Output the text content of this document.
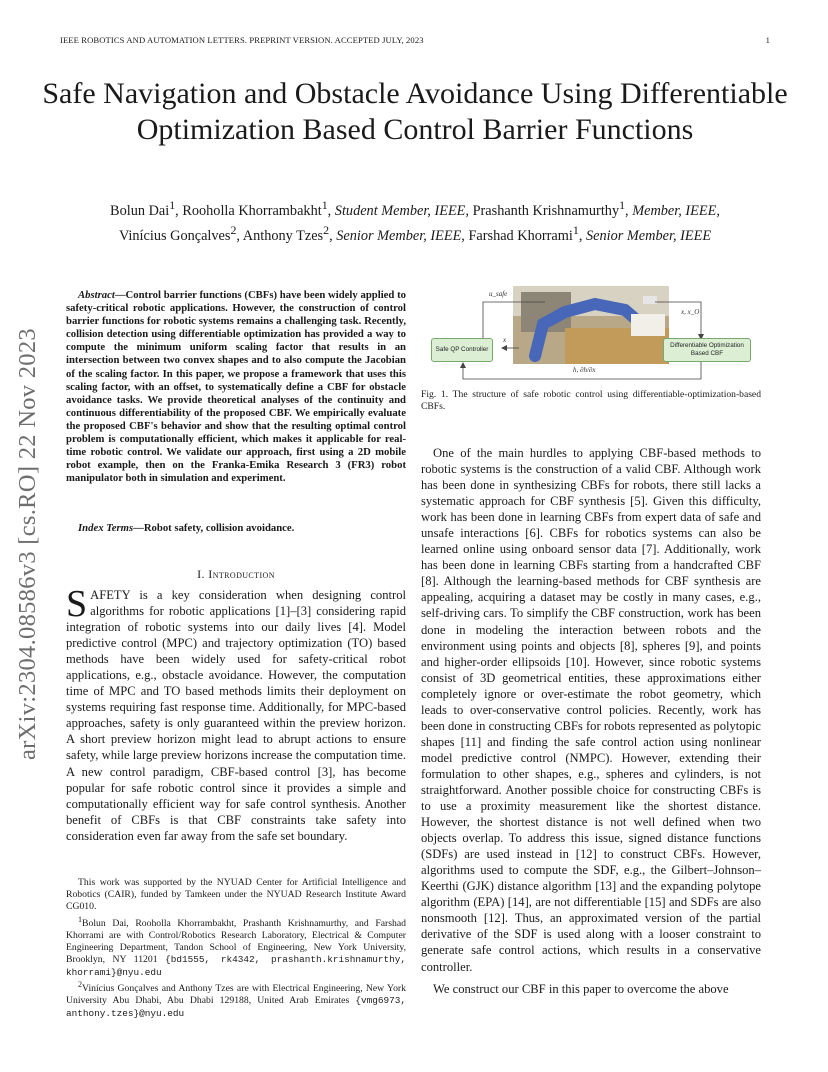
IEEE ROBOTICS AND AUTOMATION LETTERS. PREPRINT VERSION. ACCEPTED JULY, 2023	1
Safe Navigation and Obstacle Avoidance Using Differentiable Optimization Based Control Barrier Functions
Bolun Dai$^1$, Rooholla Khorrambakht$^1$, Student Member, IEEE, Prashanth Krishnamurthy$^1$, Member, IEEE,
Vinícius Gonçalves$^2$, Anthony Tzes$^2$, Senior Member, IEEE, Farshad Khorrami$^1$, Senior Member, IEEE
arXiv:2304.08586v3 [cs.RO] 22 Nov 2023

Abstract—Control barrier functions (CBFs) have been widely applied to safety-critical robotic applications. However, the construction of control barrier functions for robotic systems remains a challenging task. Recently, collision detection using differentiable optimization has provided a way to compute the minimum uniform scaling factor that results in an intersection between two convex shapes and to also compute the Jacobian of the scaling factor. In this paper, we propose a framework that uses this scaling factor, with an offset, to systematically define a CBF for obstacle avoidance tasks. We provide theoretical analyses of the continuity and continuous differentiability of the proposed CBF. We empirically evaluate the proposed CBF's behavior and show that the resulting optimal control problem is computationally efficient, which makes it applicable for real-time robotic control. We validate our approach, first using a 2D mobile robot example, then on the Franka-Emika Research 3 (FR3) robot manipulator both in simulation and experiment.

Index Terms—Robot safety, collision avoidance.

I. Introduction

SAFETY is a key consideration when designing control algorithms for robotic applications [1]–[3] considering rapid integration of robotic systems into our daily lives [4]. Model predictive control (MPC) and trajectory optimization (TO) based methods have been widely used for safety-critical robot applications, e.g., obstacle avoidance. However, the computation time of MPC and TO based methods limits their deployment on systems requiring fast response time. Additionally, for MPC-based approaches, safety is only guaranteed within the preview horizon. A short preview horizon might lead to abrupt actions to ensure safety, while large preview horizons increase the computation time. A new control paradigm, CBF-based control [3], has become popular for safe robotic control since it provides a simple and computationally efficient way for safe control synthesis. Another benefit of CBFs is that CBF constraints take safety into consideration even far away from the safe set boundary.

This work was supported by the NYUAD Center for Artificial Intelligence and Robotics (CAIR), funded by Tamkeen under the NYUAD Research Institute Award CG010.

$^1$Bolun Dai, Rooholla Khorrambakht, Prashanth Krishnamurthy, and Farshad Khorrami are with Control/Robotics Research Laboratory, Electrical & Computer Engineering Department, Tandon School of Engineering, New York University, Brooklyn, NY 11201 {bd1555, rk4342, prashanth.krishnamurthy, khorrami}@nyu.edu

$^2$Vinícius Gonçalves and Anthony Tzes are with Electrical Engineering, New York University Abu Dhabi, Abu Dhabi 129188, United Arab Emirates {vmg6973, anthony.tzes}@nyu.edu

Safe QP Controller
Differentiable Optimization Based CBF
u_safe
x
x, x_O
h, ∂h/∂x
Fig. 1. The structure of safe robotic control using differentiable-optimization-based CBFs.

One of the main hurdles to applying CBF-based methods to robotic systems is the construction of a valid CBF. Although work has been done in synthesizing CBFs for robots, there still lacks a systematic approach for CBF synthesis [5]. Given this difficulty, work has been done in learning CBFs from expert data of safe and unsafe interactions [6]. CBFs for robotics systems can also be learned online using onboard sensor data [7]. Additionally, work has been done in learning CBFs starting from a handcrafted CBF [8]. Although the learning-based methods for CBF synthesis are appealing, acquiring a dataset may be costly in many cases, e.g., self-driving cars. To simplify the CBF construction, work has been done in modeling the interaction between robots and the environment using points and objects [8], spheres [9], and points and higher-order ellipsoids [10]. However, since robotic systems consist of 3D geometrical entities, these approximations either completely ignore or over-estimate the robot geometry, which leads to over-conservative control policies. Recently, work has been done in constructing CBFs for robots represented as polytopic shapes [11] and finding the safe control action using nonlinear model predictive control (NMPC). However, extending their formulation to other shapes, e.g., spheres and cylinders, is not straightforward. Another possible choice for constructing CBFs is to use a proximity measurement like the shortest distance. However, the shortest distance is not well defined when two objects overlap. To address this issue, signed distance functions (SDFs) are used instead in [12] to construct CBFs. However, algorithms used to compute the SDF, e.g., the Gilbert–Johnson–Keerthi (GJK) distance algorithm [13] and the expanding polytope algorithm (EPA) [14], are not differentiable [15] and SDFs are also nonsmooth [12]. Thus, an approximated version of the partial derivative of the SDF is used along with a looser constraint to generate safe control actions, which results in a conservative controller.

We construct our CBF in this paper to overcome the above
